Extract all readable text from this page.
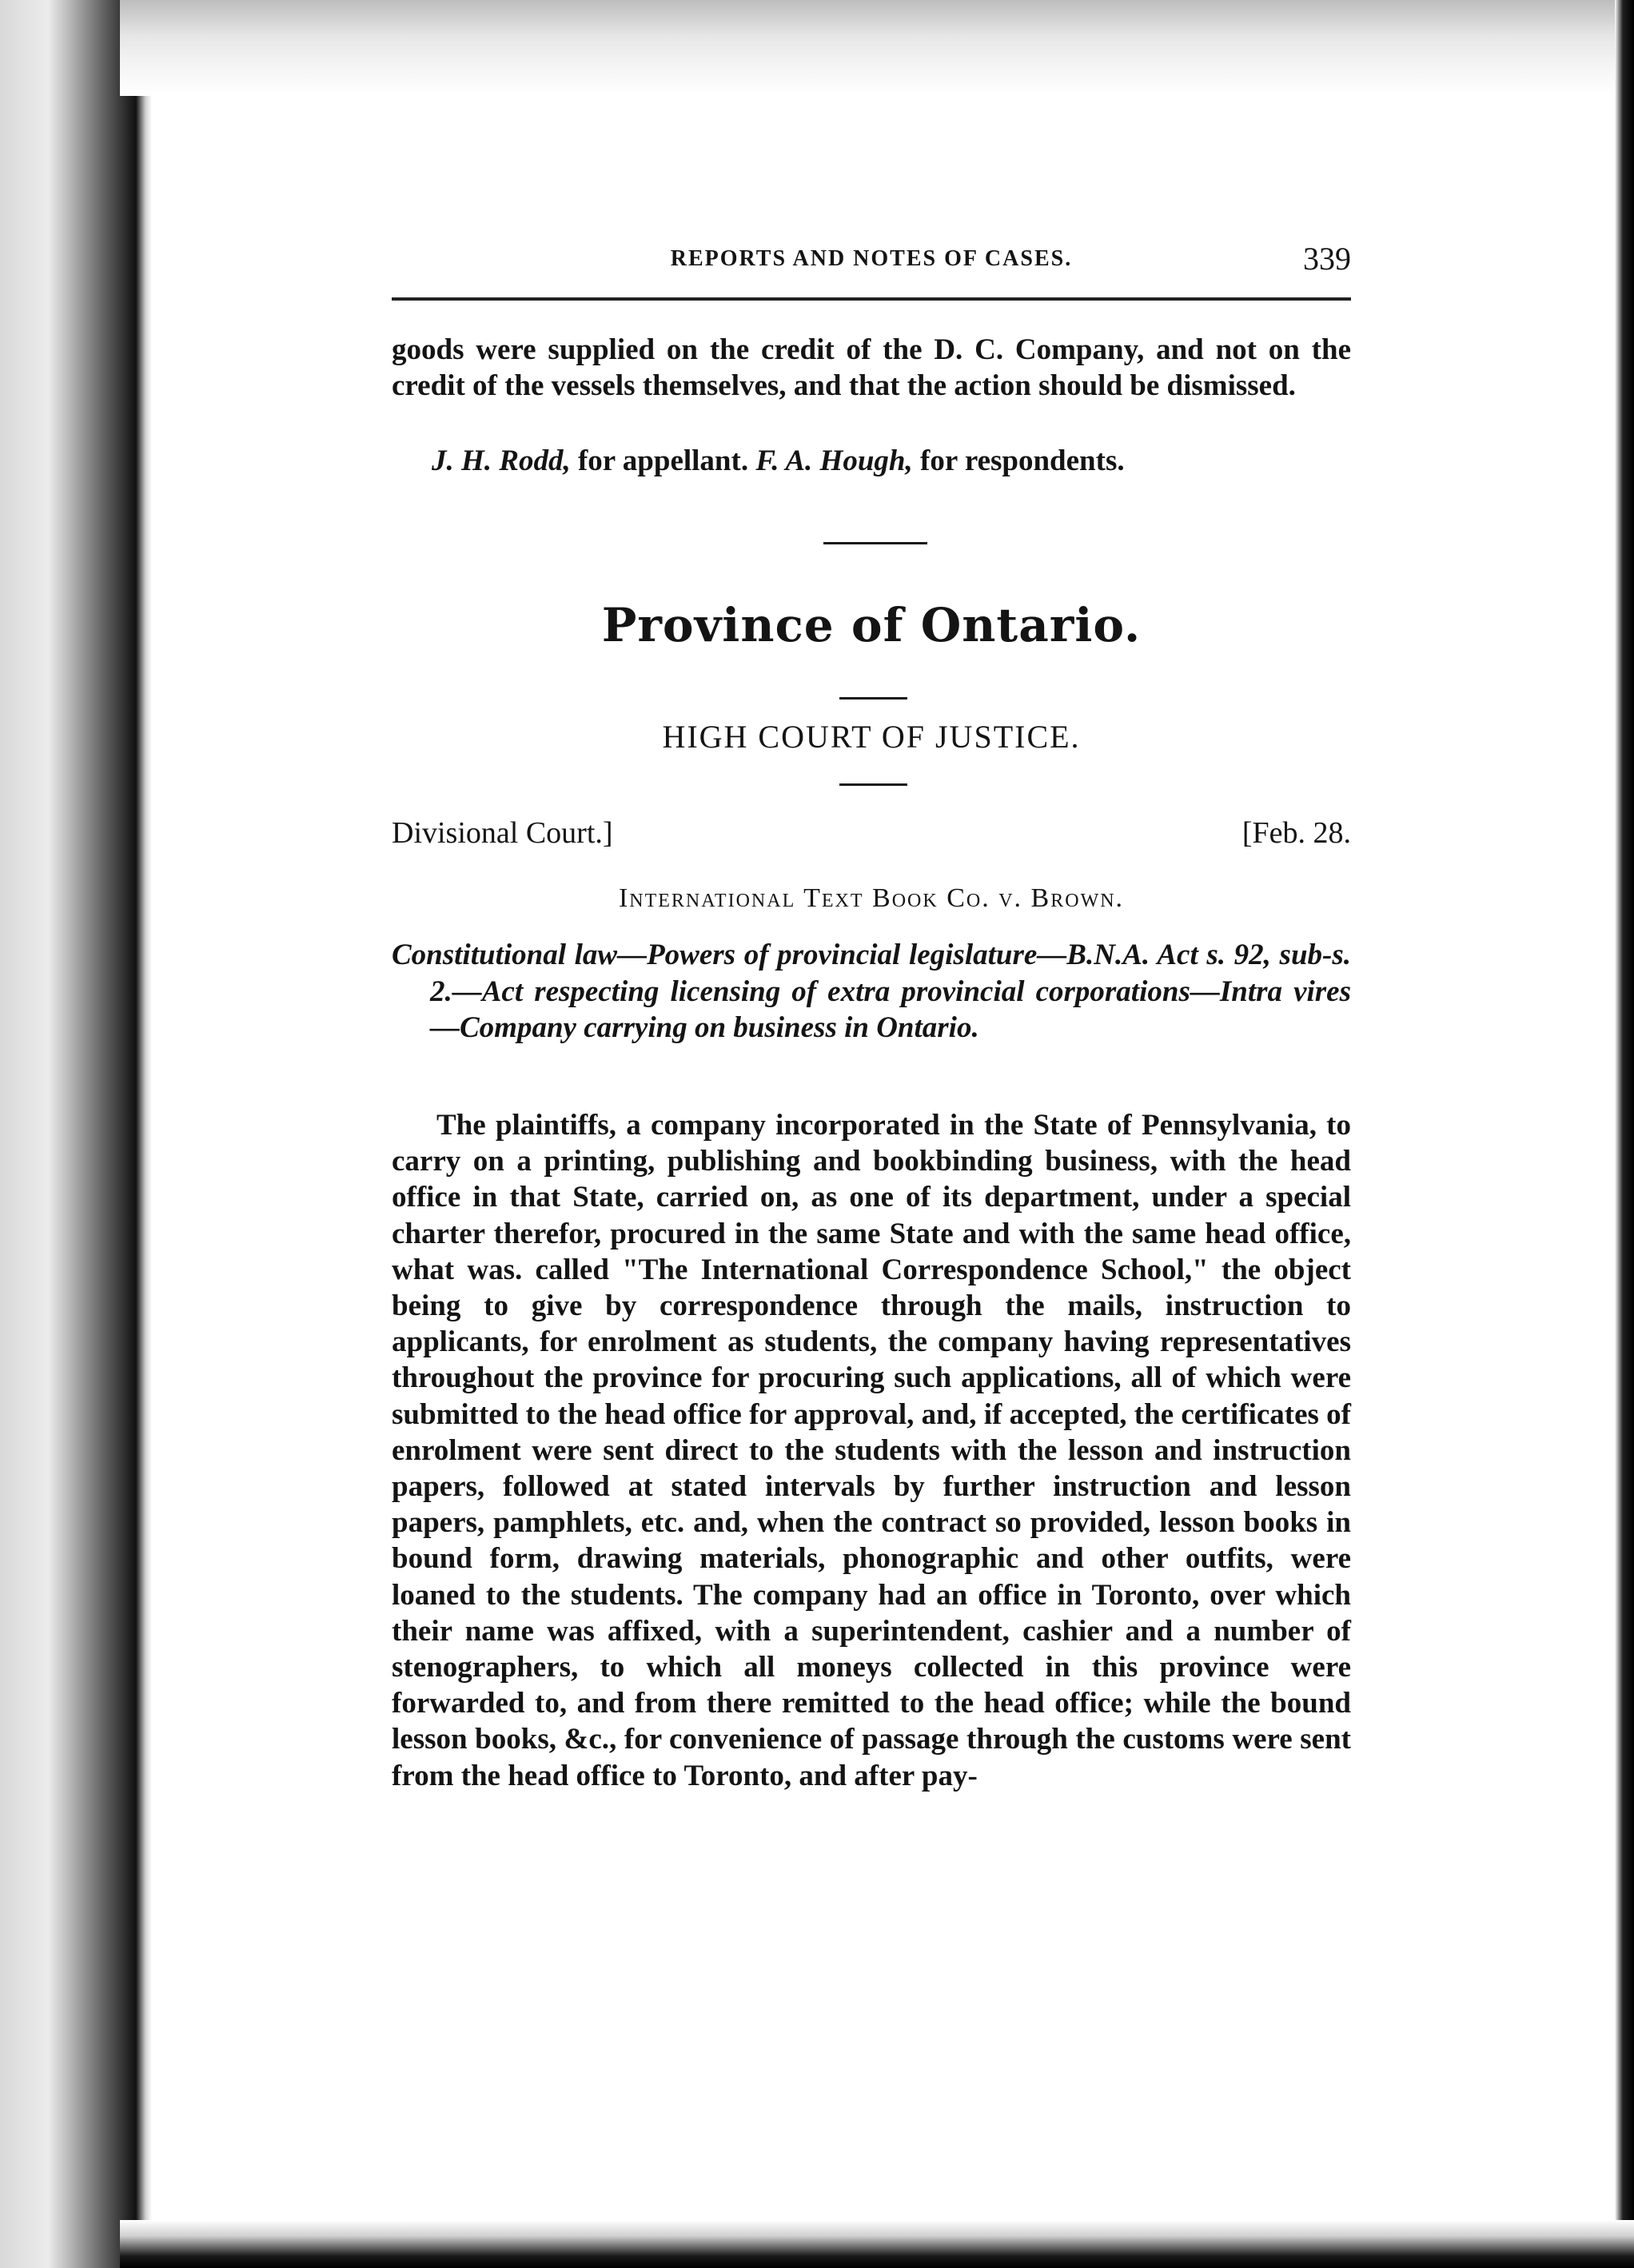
REPORTS AND NOTES OF CASES.	339

goods were supplied on the credit of the D. C. Company, and not on the credit of the vessels themselves, and that the action should be dismissed.

J. H. Rodd, for appellant. F. A. Hough, for respondents.
Province of Ontario.
HIGH COURT OF JUSTICE.
Divisional Court.]	[Feb. 28.
International Text Book Co. v. Brown.
Constitutional law—Powers of provincial legislature—B.N.A. Act s. 92, sub-s. 2.—Act respecting licensing of extra provincial corporations—Intra vires—Company carrying on business in Ontario.

The plaintiffs, a company incorporated in the State of Pennsylvania, to carry on a printing, publishing and bookbinding business, with the head office in that State, carried on, as one of its department, under a special charter therefor, procured in the same State and with the same head office, what was. called "The International Correspondence School," the object being to give by correspondence through the mails, instruction to applicants, for enrolment as students, the company having representatives throughout the province for procuring such applications, all of which were submitted to the head office for approval, and, if accepted, the certificates of enrolment were sent direct to the students with the lesson and instruction papers, followed at stated intervals by further instruction and lesson papers, pamphlets, etc. and, when the contract so provided, lesson books in bound form, drawing materials, phonographic and other outfits, were loaned to the students. The company had an office in Toronto, over which their name was affixed, with a superintendent, cashier and a number of stenographers, to which all moneys collected in this province were forwarded to, and from there remitted to the head office; while the bound lesson books, &c., for convenience of passage through the customs were sent from the head office to Toronto, and after pay-
